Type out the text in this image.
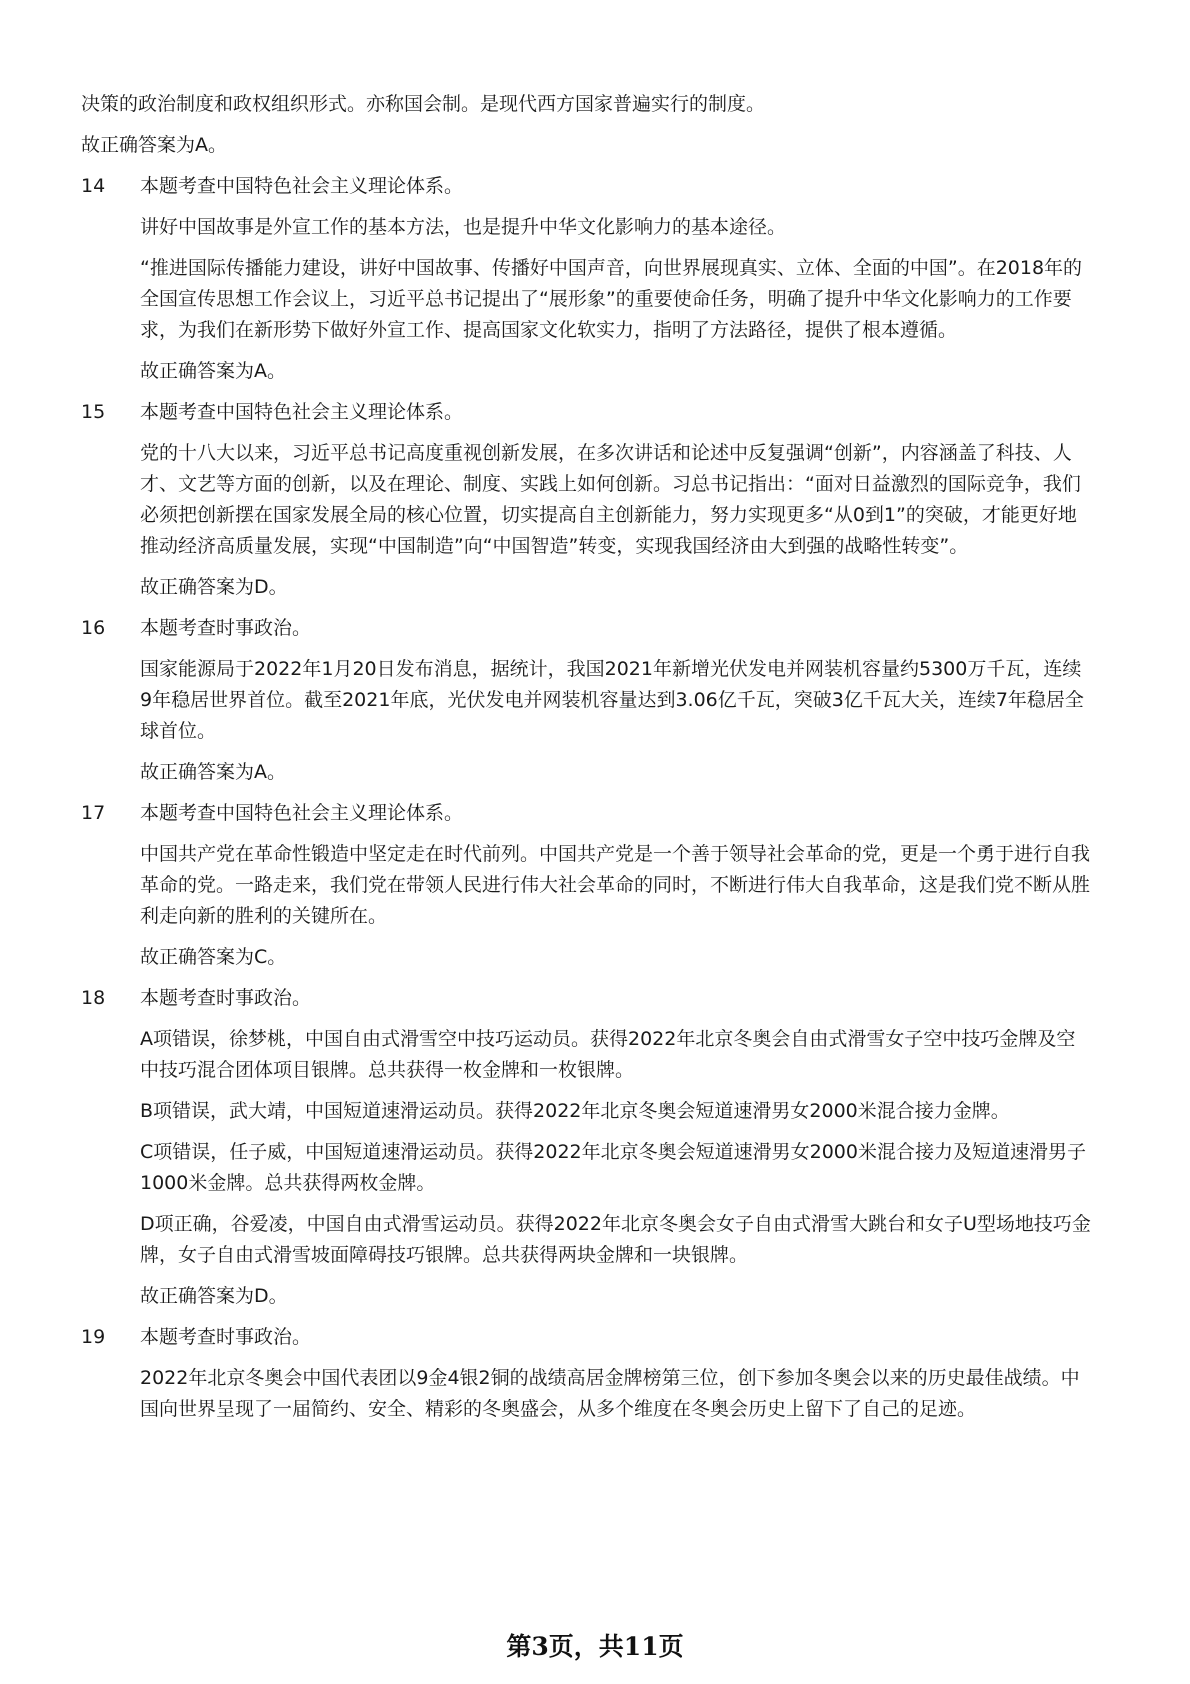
决策的政治制度和政权组织形式。亦称国会制。是现代西方国家普遍实行的制度。

故正确答案为A。

14	本题考查中国特色社会主义理论体系。

讲好中国故事是外宣工作的基本方法，也是提升中华文化影响力的基本途径。

“推进国际传播能力建设，讲好中国故事、传播好中国声音，向世界展现真实、立体、全面的中国”。在2018年的全国宣传思想工作会议上，习近平总书记提出了“展形象”的重要使命任务，明确了提升中华文化影响力的工作要求，为我们在新形势下做好外宣工作、提高国家文化软实力，指明了方法路径，提供了根本遵循。

故正确答案为A。

15	本题考查中国特色社会主义理论体系。

党的十八大以来，习近平总书记高度重视创新发展，在多次讲话和论述中反复强调“创新”，内容涵盖了科技、人才、文艺等方面的创新，以及在理论、制度、实践上如何创新。习总书记指出：“面对日益激烈的国际竞争，我们必须把创新摆在国家发展全局的核心位置，切实提高自主创新能力，努力实现更多“从0到1”的突破，才能更好地推动经济高质量发展，实现“中国制造”向“中国智造”转变，实现我国经济由大到强的战略性转变”。

故正确答案为D。

16	本题考查时事政治。

国家能源局于2022年1月20日发布消息，据统计，我国2021年新增光伏发电并网装机容量约5300万千瓦，连续9年稳居世界首位。截至2021年底，光伏发电并网装机容量达到3.06亿千瓦，突破3亿千瓦大关，连续7年稳居全球首位。

故正确答案为A。

17	本题考查中国特色社会主义理论体系。

中国共产党在革命性锻造中坚定走在时代前列。中国共产党是一个善于领导社会革命的党，更是一个勇于进行自我革命的党。一路走来，我们党在带领人民进行伟大社会革命的同时，不断进行伟大自我革命，这是我们党不断从胜利走向新的胜利的关键所在。

故正确答案为C。

18	本题考查时事政治。

A项错误，徐梦桃，中国自由式滑雪空中技巧运动员。获得2022年北京冬奥会自由式滑雪女子空中技巧金牌及空中技巧混合团体项目银牌。总共获得一枚金牌和一枚银牌。

B项错误，武大靖，中国短道速滑运动员。获得2022年北京冬奥会短道速滑男女2000米混合接力金牌。

C项错误，任子威，中国短道速滑运动员。获得2022年北京冬奥会短道速滑男女2000米混合接力及短道速滑男子1000米金牌。总共获得两枚金牌。

D项正确，谷爱凌，中国自由式滑雪运动员。获得2022年北京冬奥会女子自由式滑雪大跳台和女子U型场地技巧金牌，女子自由式滑雪坡面障碍技巧银牌。总共获得两块金牌和一块银牌。

故正确答案为D。

19	本题考查时事政治。

2022年北京冬奥会中国代表团以9金4银2铜的战绩高居金牌榜第三位，创下参加冬奥会以来的历史最佳战绩。中国向世界呈现了一届简约、安全、精彩的冬奥盛会，从多个维度在冬奥会历史上留下了自己的足迹。

第3页，共11页
